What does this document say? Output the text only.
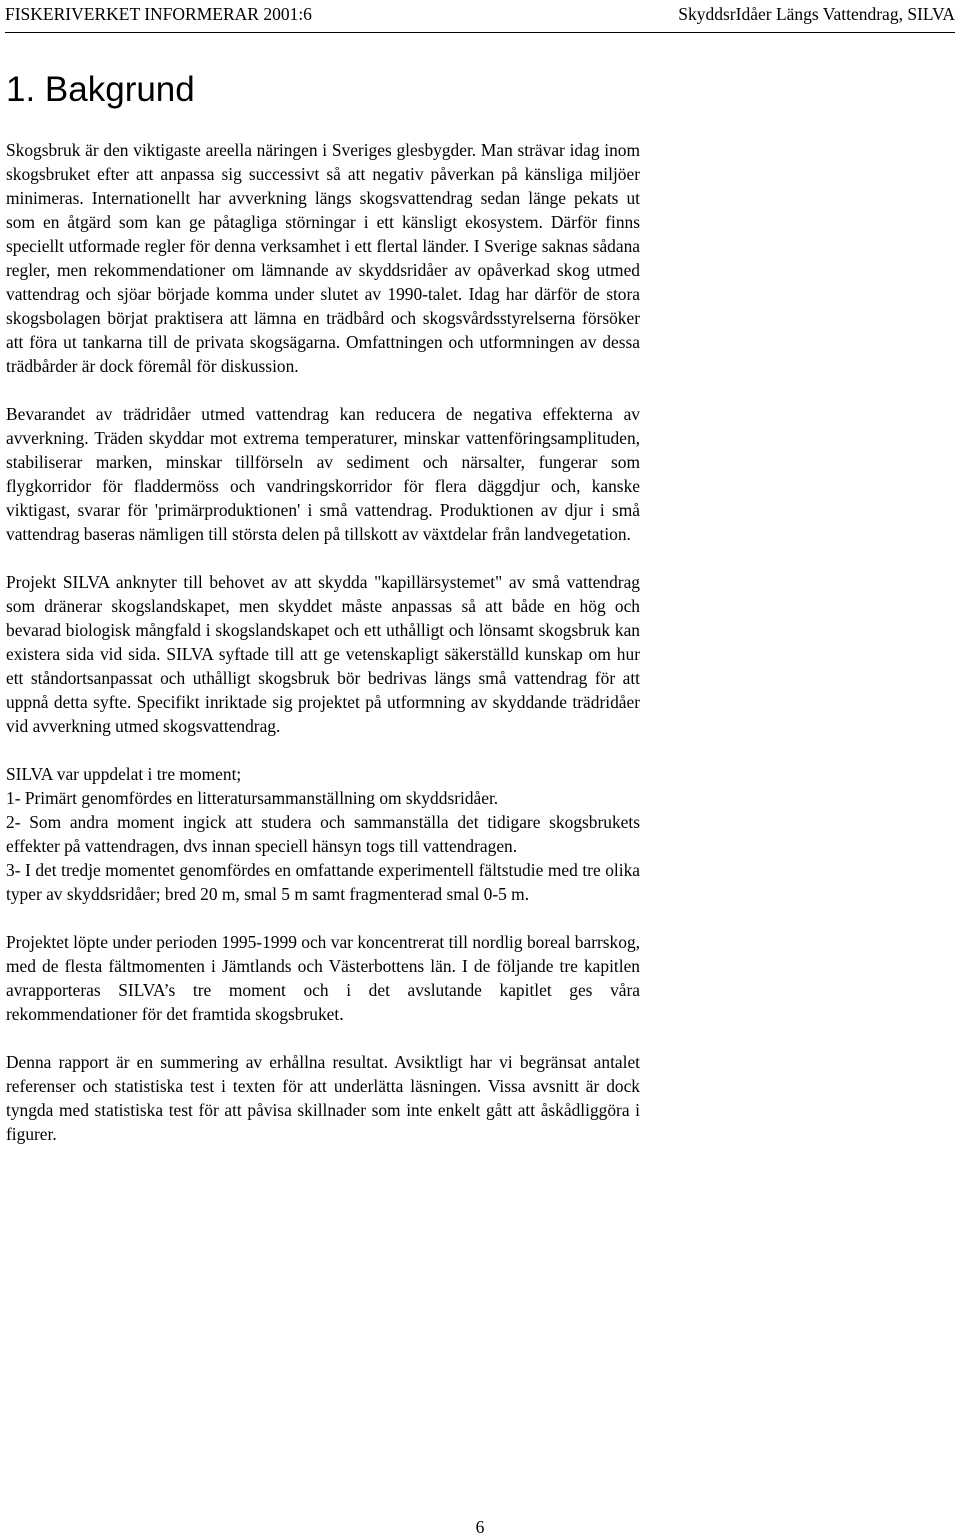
FISKERIVERKET INFORMERAR 2001:6	SkyddsrIdåer Längs Vattendrag, SILVA
1. Bakgrund

Skogsbruk är den viktigaste areella näringen i Sveriges glesbygder. Man strävar idag inom skogsbruket efter att anpassa sig successivt så att negativ påverkan på känsliga miljöer minimeras. Internationellt har avverkning längs skogsvattendrag sedan länge pekats ut som en åtgärd som kan ge påtagliga störningar i ett känsligt ekosystem. Därför finns speciellt utformade regler för denna verksamhet i ett flertal länder. I Sverige saknas sådana regler, men rekommendationer om lämnande av skyddsridåer av opåverkad skog utmed vattendrag och sjöar började komma under slutet av 1990-talet. Idag har därför de stora skogsbolagen börjat praktisera att lämna en trädbård och skogsvårdsstyrelserna försöker att föra ut tankarna till de privata skogsägarna. Omfattningen och utformningen av dessa trädbårder är dock föremål för diskussion.

Bevarandet av trädridåer utmed vattendrag kan reducera de negativa effekterna av avverkning. Träden skyddar mot extrema temperaturer, minskar vattenföringsamplituden, stabiliserar marken, minskar tillförseln av sediment och närsalter, fungerar som flygkorridor för fladdermöss och vandringskorridor för flera däggdjur och, kanske viktigast, svarar för 'primärproduktionen' i små vattendrag. Produktionen av djur i små vattendrag baseras nämligen till största delen på tillskott av växtdelar från landvegetation.

Projekt SILVA anknyter till behovet av att skydda "kapillärsystemet" av små vattendrag som dränerar skogslandskapet, men skyddet måste anpassas så att både en hög och bevarad biologisk mångfald i skogslandskapet och ett uthålligt och lönsamt skogsbruk kan existera sida vid sida. SILVA syftade till att ge vetenskapligt säkerställd kunskap om hur ett ståndortsanpassat och uthålligt skogsbruk bör bedrivas längs små vattendrag för att uppnå detta syfte. Specifikt inriktade sig projektet på utformning av skyddande trädridåer vid avverkning utmed skogsvattendrag.

SILVA var uppdelat i tre moment;

1- Primärt genomfördes en litteratursammanställning om skyddsridåer.

2- Som andra moment ingick att studera och sammanställa det tidigare skogsbrukets effekter på vattendragen, dvs innan speciell hänsyn togs till vattendragen.

3- I det tredje momentet genomfördes en omfattande experimentell fältstudie med tre olika typer av skyddsridåer; bred 20 m, smal 5 m samt fragmenterad smal 0-5 m.

Projektet löpte under perioden 1995-1999 och var koncentrerat till nordlig boreal barrskog, med de flesta fältmomenten i Jämtlands och Västerbottens län. I de följande tre kapitlen avrapporteras SILVA’s tre moment och i det avslutande kapitlet ges våra rekommendationer för det framtida skogsbruket.

Denna rapport är en summering av erhållna resultat. Avsiktligt har vi begränsat antalet referenser och statistiska test i texten för att underlätta läsningen. Vissa avsnitt är dock tyngda med statistiska test för att påvisa skillnader som inte enkelt gått att åskådliggöra i figurer.

6
